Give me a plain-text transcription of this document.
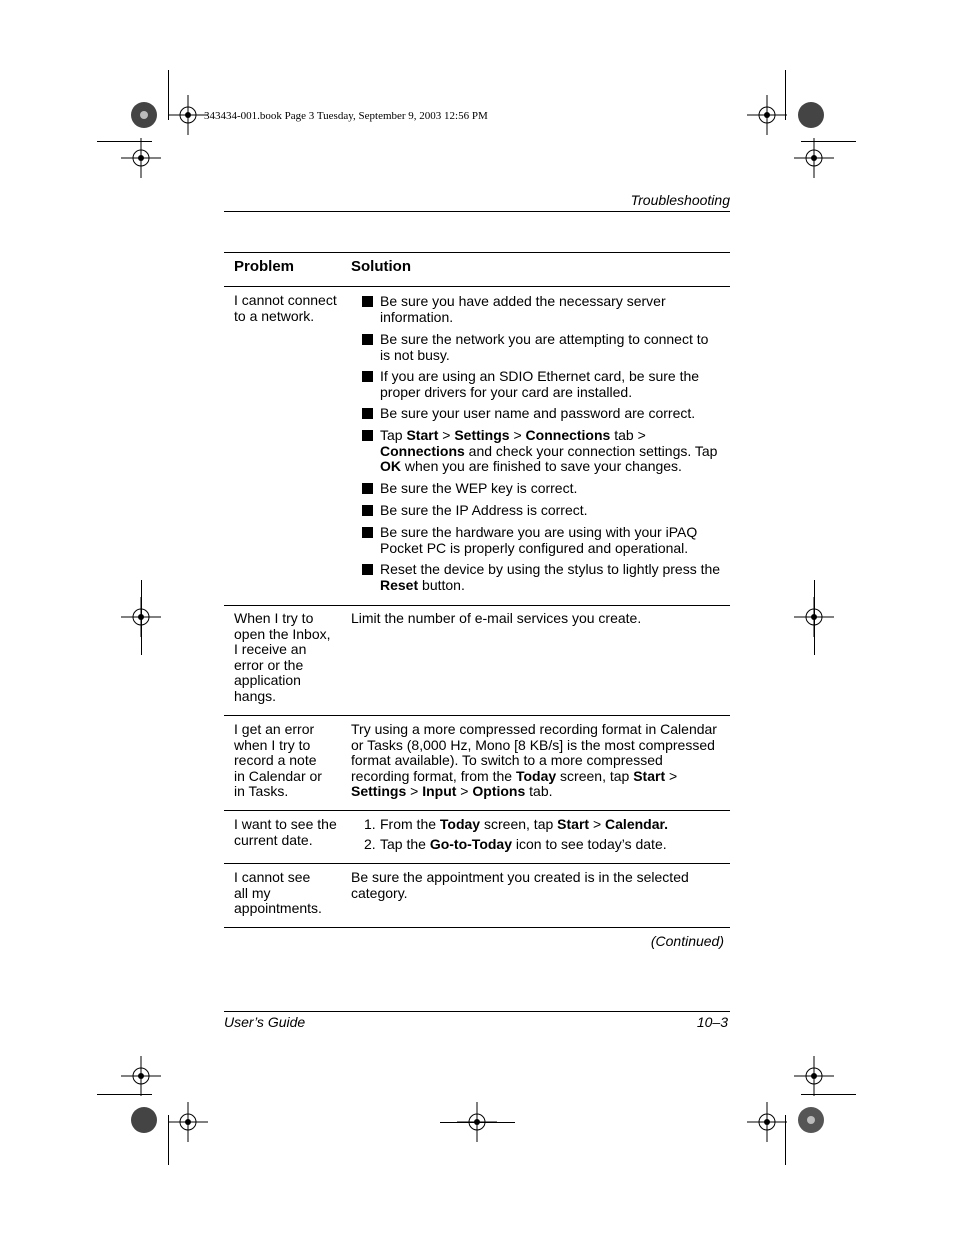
343434-001.book Page 3 Tuesday, September 9, 2003 12:56 PM
Troubleshooting
Problem	Solution
I cannot connect to a network.
Be sure you have added the necessary server information.
Be sure the network you are attempting to connect to is not busy.
If you are using an SDIO Ethernet card, be sure the proper drivers for your card are installed.
Be sure your user name and password are correct.
Tap Start > Settings > Connections tab > Connections and check your connection settings. Tap OK when you are finished to save your changes.
Be sure the WEP key is correct.
Be sure the IP Address is correct.
Be sure the hardware you are using with your iPAQ Pocket PC is properly configured and operational.
Reset the device by using the stylus to lightly press the Reset button.
When I try to open the Inbox, I receive an error or the application hangs.
Limit the number of e-mail services you create.
I get an error when I try to record a note in Calendar or in Tasks.
Try using a more compressed recording format in Calendar or Tasks (8,000 Hz, Mono [8 KB/s] is the most compressed format available). To switch to a more compressed recording format, from the Today screen, tap Start > Settings > Input > Options tab.
I want to see the current date.
1. From the Today screen, tap Start > Calendar.
2. Tap the Go-to-Today icon to see today’s date.
I cannot see all my appointments.
Be sure the appointment you created is in the selected category.
(Continued)
User’s Guide	10–3
